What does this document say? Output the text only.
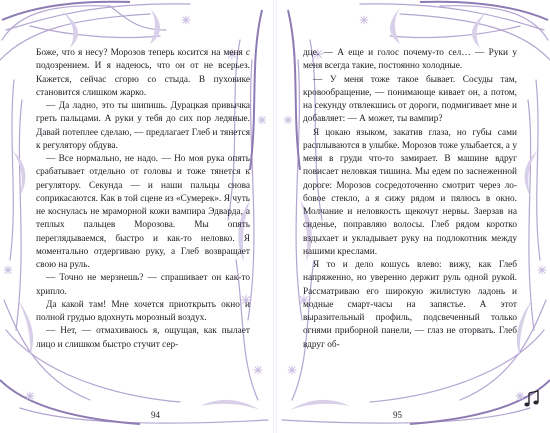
Боже, что я несу? Морозов теперь косится на меня с подозрением. И я надеюсь, что он от не всерьез. Кажется, сейчас сгорю со стыда. В пуховике становится слишком жарко.

— Да ладно, это ты шипишь. Дурацкая привычка греть пальцами. А руки у тебя до сих пор ледяные. Давай потеплее сделаю, — предлагает Глеб и тянется к регулятору обдува.

— Все нормально, не надо. — Но моя рука опять срабатывает отдельно от головы и тоже тянется к регулятору. Секунда — и наши пальцы снова соприкасаются. Как в той сцене из «Сумерек». Я чуть не коснулась не мраморной кожи вампира Эдварда, а теплых пальцев Морозова. Мы опять переглядываемся, быстро и как-то неловко. Я моментально отдергиваю руку, а Глеб возвращает свою на руль.

— Точно не мерзнешь? — спрашивает он как-то хрипло.

Да какой там! Мне хочется приоткрыть окно и полной грудью вдохнуть морозный воздух.

— Нет, — отмахиваюсь я, ощущая, как пылает лицо и слишком быстро стучит сер-

94

дце. — А еще и голос почему-то сел… — Руки у меня всегда такие, постоянно холодные.

— У меня тоже такое бывает. Сосуды там, кровообращение, — понимающе кивает он, а потом, на секунду отвлекшись от дороги, подмигивает мне и добавляет: — А может, ты вампир?

Я цокаю языком, закатив глаза, но губы сами расплываются в улыбке. Морозов тоже улыбается, а у меня в груди что-то замирает. В машине вдруг повисает неловкая тишина. Мы едем по заснеженной дороге: Морозов сосредоточенно смотрит через лобовое стекло, а я сижу рядом и пялюсь в окно. Молчание и неловкость щекочут нервы. Заерзав на сиденье, поправляю волосы. Глеб рядом коротко вздыхает и укладывает руку на подлокотник между нашими креслами.

Я то и дело кошусь влево: вижу, как Глеб напряженно, но уверенно держит руль одной рукой. Рассматриваю его широкую жилистую ладонь и модные смарт-часы на запястье. А этот выразительный профиль, подсвеченный только огнями приборной панели, — глаз не оторвать. Глеб вдруг об-

95
